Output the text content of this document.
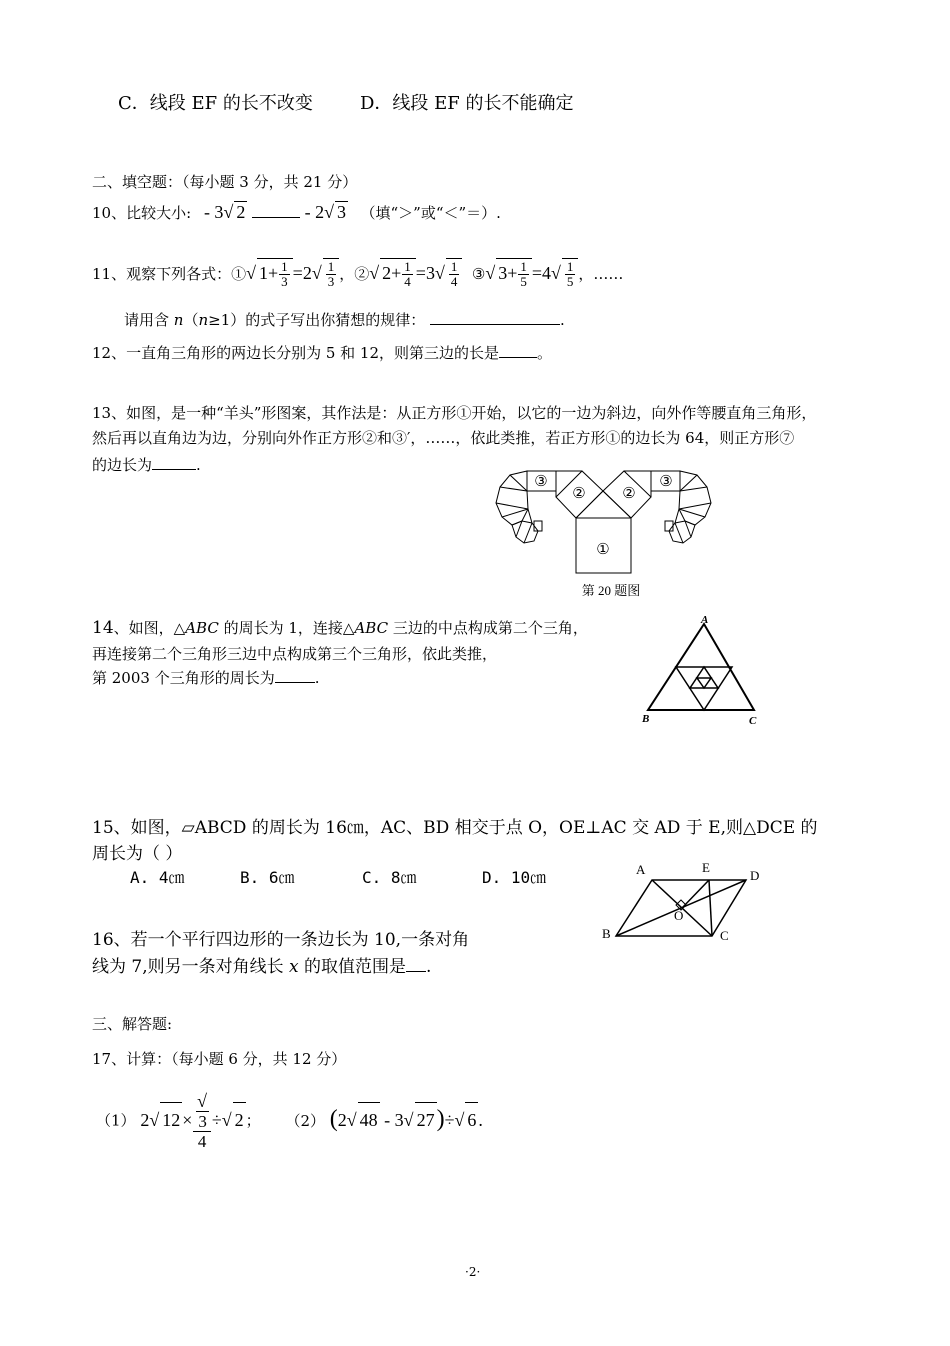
C．线段 EF 的长不改变	D．线段 EF 的长不能确定
二、填空题：（每小题 3 分，共 21 分）
10、比较大小: - 3√ 2	- 2√ 3 （填“＞”或“＜”＝）.
11、观察下列各式：①√ $1+ \frac{1}{3} =2√ \frac{1}{3}$ ，②√ $2+ \frac{1}{4} =3√ \frac{1}{4}$ ③√ $3+ \frac{1}{5} =4√ \frac{1}{5}$ ，……
请用含 n（n≥1）的式子写出你猜想的规律：	.
12、一直角三角形的两边长分别为 5 和 12，则第三边的长是	。
13、如图，是一种“羊头”形图案，其作法是：从正方形①开始，以它的一边为斜边，向外作等腰直角三角形，
然后再以直角边为边，分别向外作正方形②和③′，……，依此类推，若正方形①的边长为 64，则正方形⑦
的边长为	.
①
② ②
③	③
第 20 题图
14、如图，△ABC 的周长为 1，连接△ABC 三边的中点构成第二个三角，
再连接第二个三角形三边中点构成第三个三角形，依此类推，
第 2003 个三角形的周长为	.
A
B	C
15、如图，▱ABCD 的周长为 16㎝，AC、BD 相交于点 O，OE⊥AC 交 AD 于 E,则△DCE 的
周长为（ ）
A. 4㎝	B. 6㎝	C. 8㎝	D. 10㎝	A	E
D
O
B	C
16、若一个平行四边形的一条边长为 10,一条对角
线为 7,则另一条对角线长 x 的取值范围是 .
三、解答题:
17、计算：（每小题 6 分，共 12 分）
（1） 2√ 12 × √
3
4 ÷√ 2 ； （2） (2√ 48 - 3√ 27)÷√ 6 .
·2·
